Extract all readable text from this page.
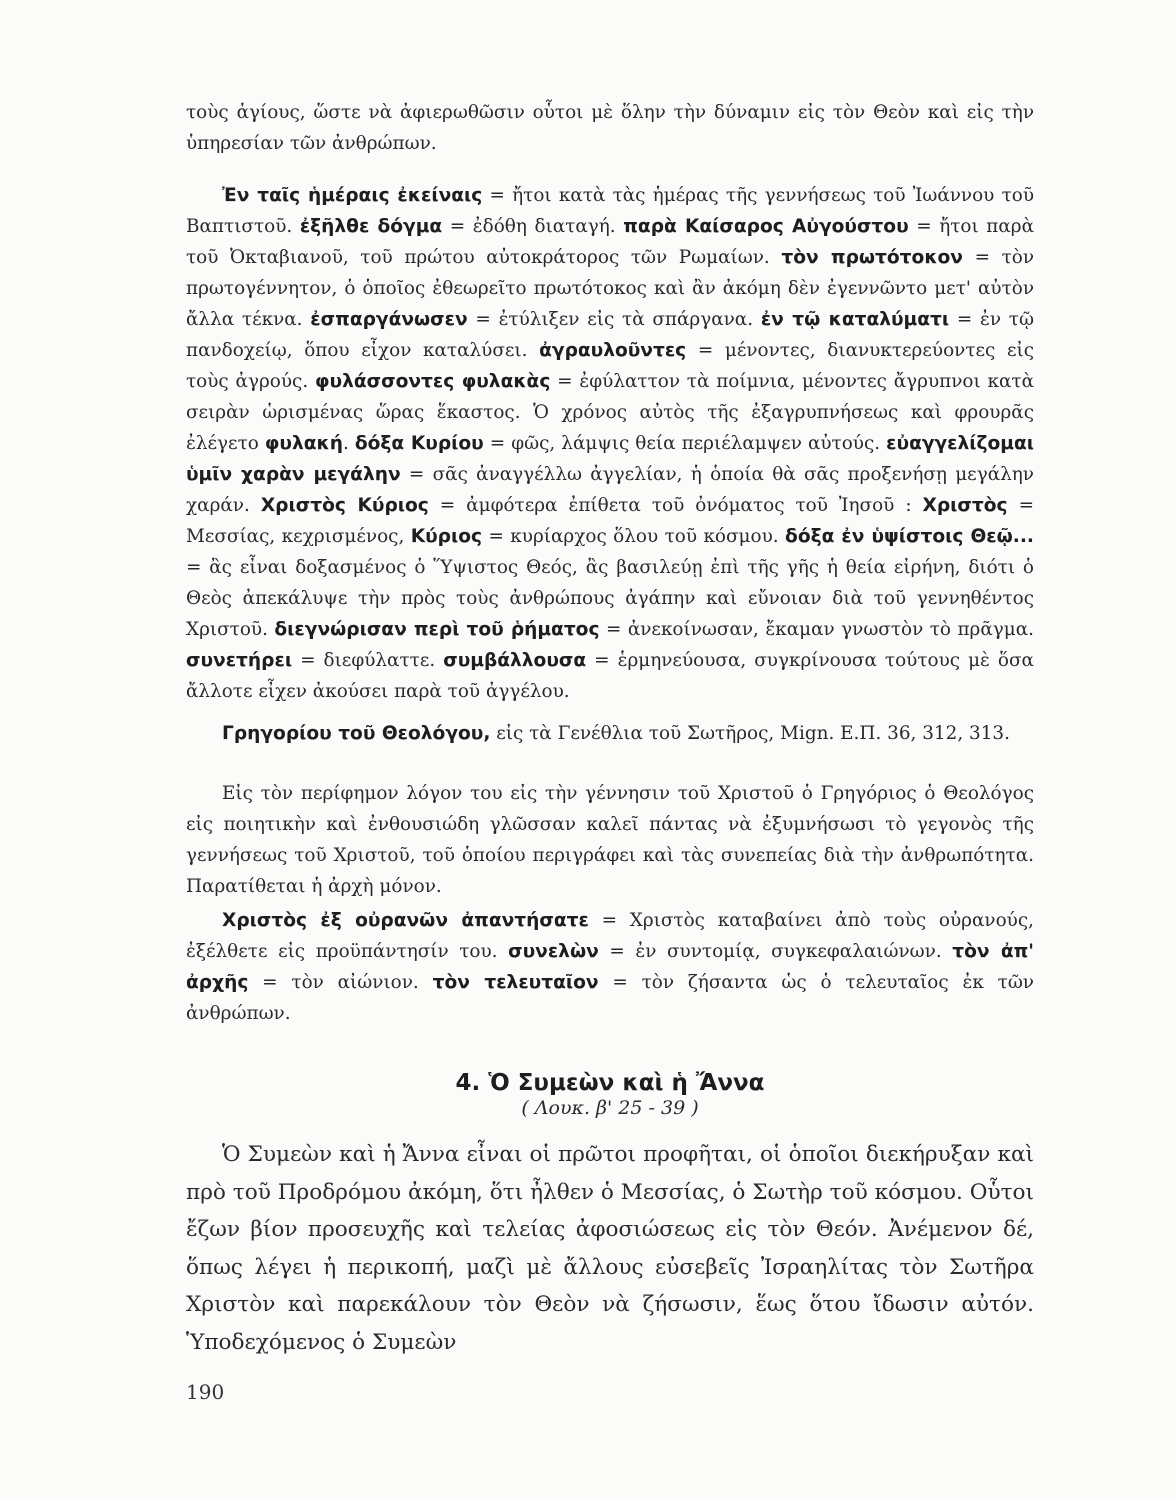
τοὺς ἁγίους, ὥστε νὰ ἀφιερωθῶσιν οὗτοι μὲ ὅλην τὴν δύναμιν εἰς τὸν Θεὸν καὶ εἰς τὴν ὑπηρεσίαν τῶν ἀνθρώπων.

Ἐν ταῖς ἡμέραις ἐκείναις = ἤτοι κατὰ τὰς ἡμέρας τῆς γεννήσεως τοῦ Ἰωάννου τοῦ Βαπτιστοῦ. ἐξῆλθε δόγμα = ἐδόθη διαταγή. παρὰ Καίσαρος Αὐγούστου = ἤτοι παρὰ τοῦ Ὀκταβιανοῦ, τοῦ πρώτου αὐτοκράτορος τῶν Ρωμαίων. τὸν πρωτότοκον = τὸν πρωτογέννητον, ὁ ὁποῖος ἐθεωρεῖτο πρωτότοκος καὶ ἂν ἀκόμη δὲν ἐγεννῶντο μετ' αὐτὸν ἄλλα τέκνα. ἐσπαργάνωσεν = ἐτύλιξεν εἰς τὰ σπάργανα. ἐν τῷ καταλύματι = ἐν τῷ πανδοχείῳ, ὅπου εἶχον καταλύσει. ἀγραυλοῦντες = μένοντες, διανυκτερεύοντες εἰς τοὺς ἀγρούς. φυλάσσοντες φυλακὰς = ἐφύλαττον τὰ ποίμνια, μένοντες ἄγρυπνοι κατὰ σειρὰν ὡρισμένας ὥρας ἕκαστος. Ὁ χρόνος αὐτὸς τῆς ἐξαγρυπνήσεως καὶ φρουρᾶς ἐλέγετο φυλακή. δόξα Κυρίου = φῶς, λάμψις θεία περιέλαμψεν αὐτούς. εὐαγγελίζομαι ὑμῖν χαρὰν μεγάλην = σᾶς ἀναγγέλλω ἀγγελίαν, ἡ ὁποία θὰ σᾶς προξενήσῃ μεγάλην χαράν. Χριστὸς Κύριος = ἀμφότερα ἐπίθετα τοῦ ὀνόματος τοῦ Ἰησοῦ : Χριστὸς = Μεσσίας, κεχρισμένος, Κύριος = κυρίαρχος ὅλου τοῦ κόσμου. δόξα ἐν ὑψίστοις Θεῷ... = ἂς εἶναι δοξασμένος ὁ Ὕψιστος Θεός, ἂς βασιλεύῃ ἐπὶ τῆς γῆς ἡ θεία εἰρήνη, διότι ὁ Θεὸς ἀπεκάλυψε τὴν πρὸς τοὺς ἀνθρώπους ἀγάπην καὶ εὔνοιαν διὰ τοῦ γεννηθέντος Χριστοῦ. διεγνώρισαν περὶ τοῦ ῥήματος = ἀνεκοίνωσαν, ἔκαμαν γνωστὸν τὸ πρᾶγμα. συνετήρει = διεφύλαττε. συμβάλλουσα = ἑρμηνεύουσα, συγκρίνουσα τούτους μὲ ὅσα ἄλλοτε εἶχεν ἀκούσει παρὰ τοῦ ἀγγέλου.

Γρηγορίου τοῦ Θεολόγου, εἰς τὰ Γενέθλια τοῦ Σωτῆρος, Mign. Ε.Π. 36, 312, 313.

Εἰς τὸν περίφημον λόγον του εἰς τὴν γέννησιν τοῦ Χριστοῦ ὁ Γρηγόριος ὁ Θεολόγος εἰς ποιητικὴν καὶ ἐνθουσιώδη γλῶσσαν καλεῖ πάντας νὰ ἐξυμνήσωσι τὸ γεγονὸς τῆς γεννήσεως τοῦ Χριστοῦ, τοῦ ὁποίου περιγράφει καὶ τὰς συνεπείας διὰ τὴν ἀνθρωπότητα. Παρατίθεται ἡ ἀρχὴ μόνον.

Χριστὸς ἐξ οὐρανῶν ἀπαντήσατε = Χριστὸς καταβαίνει ἀπὸ τοὺς οὐρανούς, ἐξέλθετε εἰς προϋπάντησίν του. συνελὼν = ἐν συντομίᾳ, συγκεφαλαιώνων. τὸν ἀπ' ἀρχῆς = τὸν αἰώνιον. τὸν τελευταῖον = τὸν ζήσαντα ὡς ὁ τελευταῖος ἐκ τῶν ἀνθρώπων.

4. Ὁ Συμεὼν καὶ ἡ Ἄννα
( Λουκ. β' 25 - 39 )

Ὁ Συμεὼν καὶ ἡ Ἄννα εἶναι οἱ πρῶτοι προφῆται, οἱ ὁποῖοι διεκήρυξαν καὶ πρὸ τοῦ Προδρόμου ἀκόμη, ὅτι ἦλθεν ὁ Μεσσίας, ὁ Σωτὴρ τοῦ κόσμου. Οὗτοι ἔζων βίον προσευχῆς καὶ τελείας ἀφοσιώσεως εἰς τὸν Θεόν. Ἀνέμενον δέ, ὅπως λέγει ἡ περικοπή, μαζὶ μὲ ἄλλους εὐσεβεῖς Ἰσραηλίτας τὸν Σωτῆρα Χριστὸν καὶ παρεκάλουν τὸν Θεὸν νὰ ζήσωσιν, ἕως ὅτου ἴδωσιν αὐτόν. Ὑποδεχόμενος ὁ Συμεὼν

190
